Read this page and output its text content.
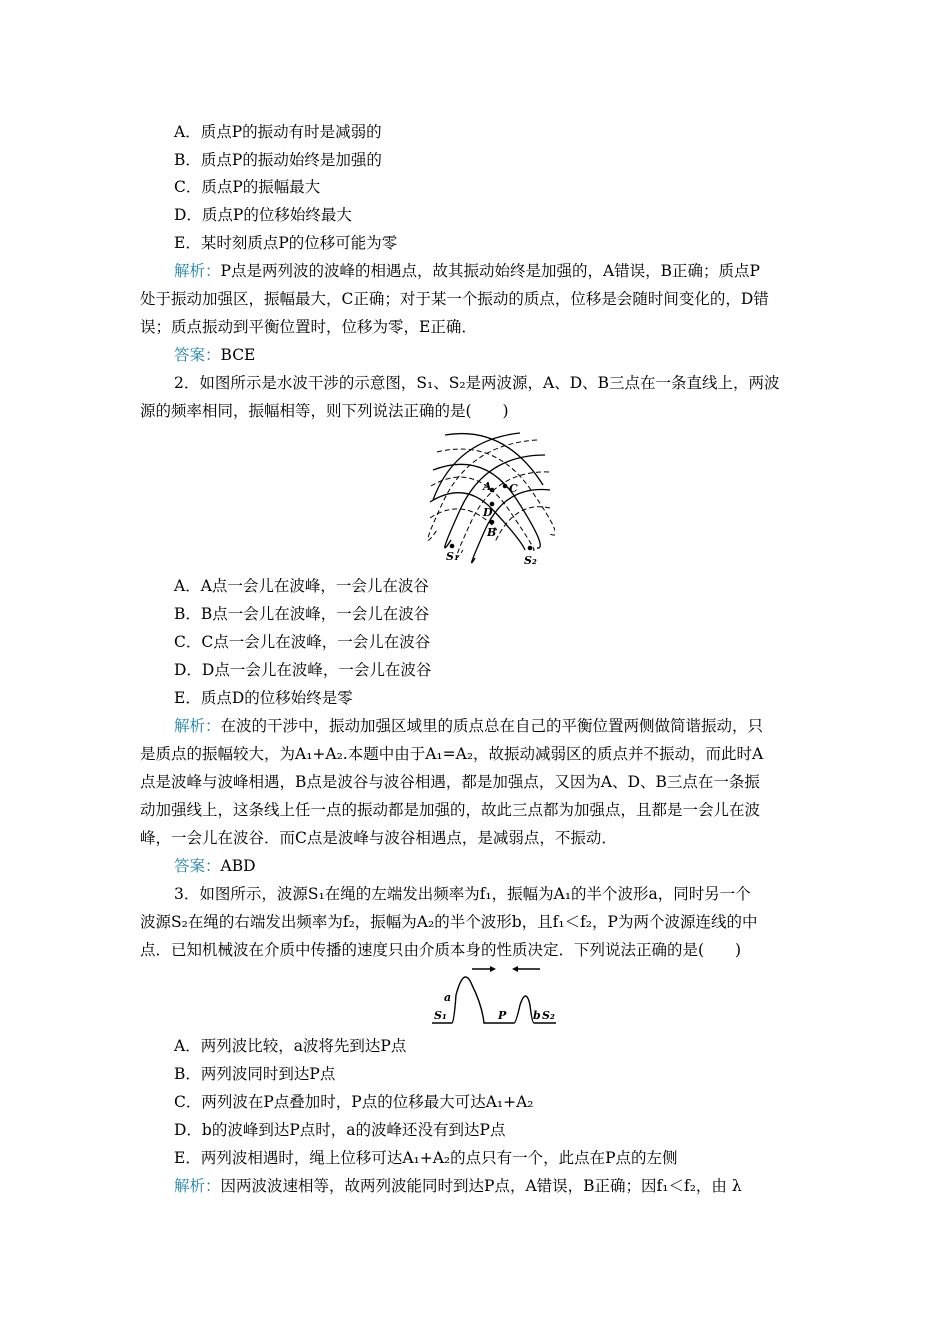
A．质点P的振动有时是减弱的
B．质点P的振动始终是加强的
C．质点P的振幅最大
D．质点P的位移始终最大
E．某时刻质点P的位移可能为零
解析：P点是两列波的波峰的相遇点，故其振动始终是加强的，A错误，B正确；质点P
处于振动加强区，振幅最大，C正确；对于某一个振动的质点，位移是会随时间变化的，D错
误；质点振动到平衡位置时，位移为零，E正确．
答案：BCE
2．如图所示是水波干涉的示意图，S₁、S₂是两波源，A、D、B三点在一条直线上，两波
源的频率相同，振幅相等，则下列说法正确的是(　　)
A C
D
B
S₁	S₂
A．A点一会儿在波峰，一会儿在波谷
B．B点一会儿在波峰，一会儿在波谷
C．C点一会儿在波峰，一会儿在波谷
D．D点一会儿在波峰，一会儿在波谷
E．质点D的位移始终是零
解析：在波的干涉中，振动加强区域里的质点总在自己的平衡位置两侧做简谐振动，只
是质点的振幅较大，为A₁+A₂.本题中由于A₁=A₂，故振动减弱区的质点并不振动，而此时A
点是波峰与波峰相遇，B点是波谷与波谷相遇，都是加强点，又因为A、D、B三点在一条振
动加强线上，这条线上任一点的振动都是加强的，故此三点都为加强点，且都是一会儿在波
峰，一会儿在波谷．而C点是波峰与波谷相遇点，是减弱点，不振动．
答案：ABD
3．如图所示，波源S₁在绳的左端发出频率为f₁，振幅为A₁的半个波形a，同时另一个
波源S₂在绳的右端发出频率为f₂，振幅为A₂的半个波形b，且f₁＜f₂，P为两个波源连线的中
点．已知机械波在介质中传播的速度只由介质本身的性质决定．下列说法正确的是(　　)
a
S₁	P b S₂
A．两列波比较，a波将先到达P点
B．两列波同时到达P点
C．两列波在P点叠加时，P点的位移最大可达A₁+A₂
D．b的波峰到达P点时，a的波峰还没有到达P点
E．两列波相遇时，绳上位移可达A₁+A₂的点只有一个，此点在P点的左侧
解析：因两波波速相等，故两列波能同时到达P点，A错误，B正确；因f₁＜f₂，由 λ
